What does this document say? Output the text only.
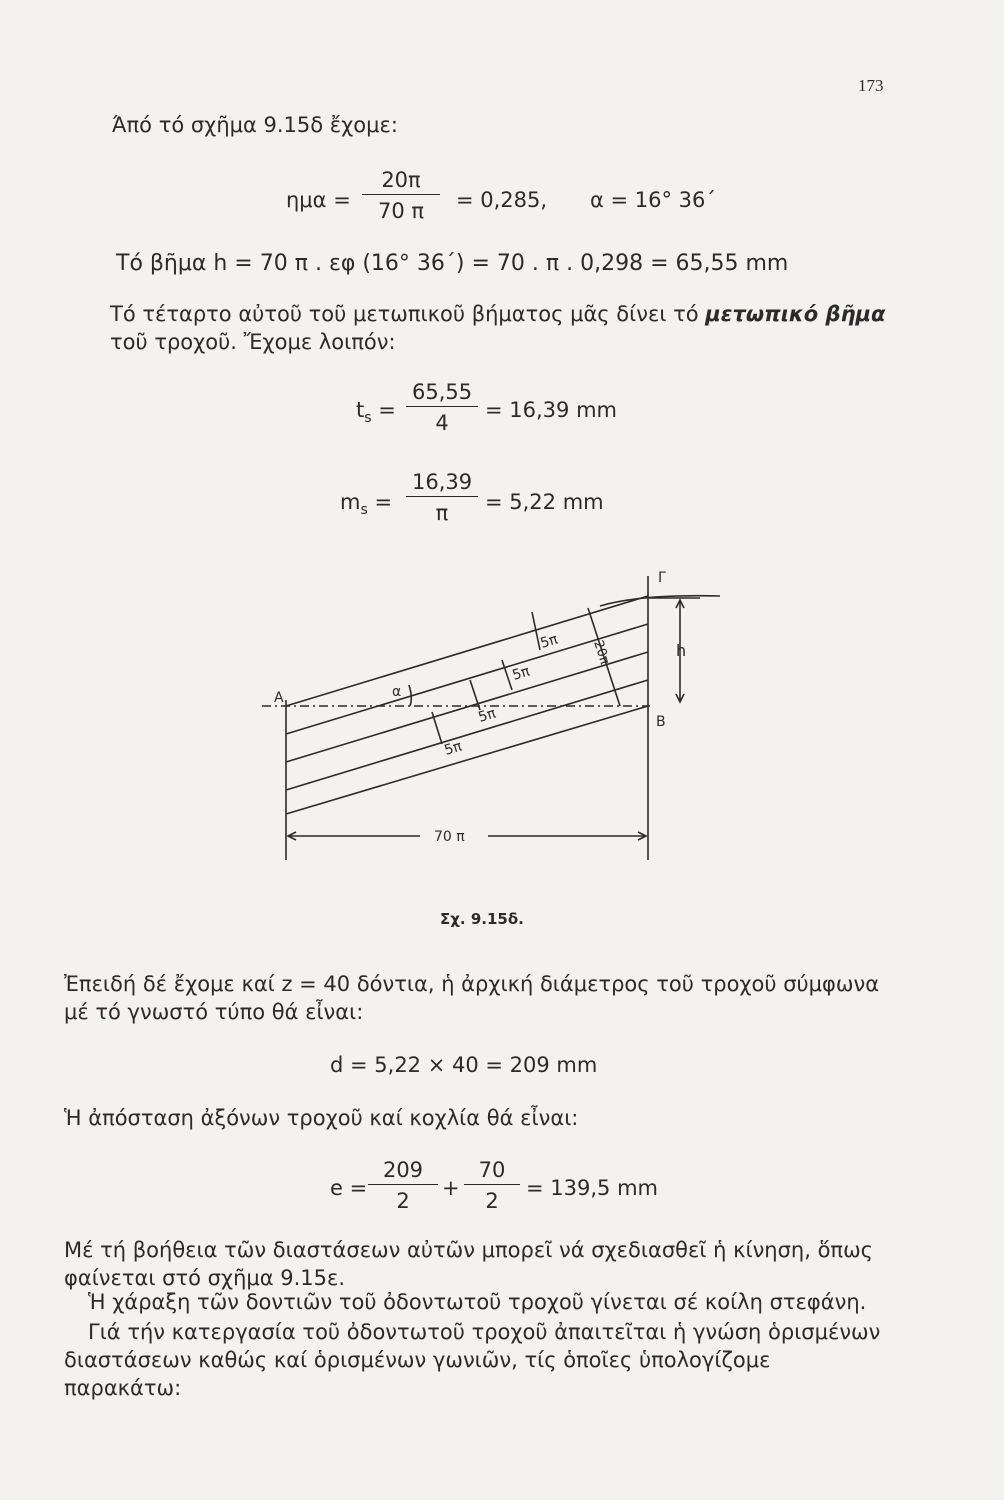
173
Άπό τό σχῆμα 9.15δ ἔχομε:
$\eta\mu\alpha = \frac{20\pi}{70 \pi} = 0,285$, α = 16° 36΄
Τό βῆμα h = 70 π . εφ (16° 36΄) = 70 . π . 0,298 = 65,55 mm
Τό τέταρτο αὐτοῦ τοῦ μετωπικοῦ βήματος μᾶς δίνει τό μετωπικό βῆμα τοῦ τροχοῦ. Ἔχομε λοιπόν:
$t_s = \frac{65,55}{4} = 16,39$ mm
$m_s = \frac{16,39}{\pi} = 5,22$ mm
A
B
Γ
h
α
5π
5π
5π
5π 20π
70 π
Σχ. 9.15δ.
Ἐπειδή δέ ἔχομε καί z = 40 δόντια, ἡ ἀρχική διάμετρος τοῦ τροχοῦ σύμφωνα μέ τό γνωστό τύπο θά εἶναι:
d = 5,22 × 40 = 209 mm
Ἡ ἀπόσταση ἀξόνων τροχοῦ καί κοχλία θά εἶναι:
$e = \frac{209}{2} + \frac{70}{2} = 139,5$ mm
Μέ τή βοήθεια τῶν διαστάσεων αὐτῶν μπορεῖ νά σχεδιασθεῖ ἡ κίνηση, ὅπως φαίνεται στό σχῆμα 9.15ε.
Ἡ χάραξη τῶν δοντιῶν τοῦ ὀδοντωτοῦ τροχοῦ γίνεται σέ κοίλη στεφάνη.
Γιά τήν κατεργασία τοῦ ὀδοντωτοῦ τροχοῦ ἀπαιτεῖται ἡ γνώση ὁρισμένων διαστάσεων καθώς καί ὁρισμένων γωνιῶν, τίς ὁποῖες ὑπολογίζομε παρακάτω:
